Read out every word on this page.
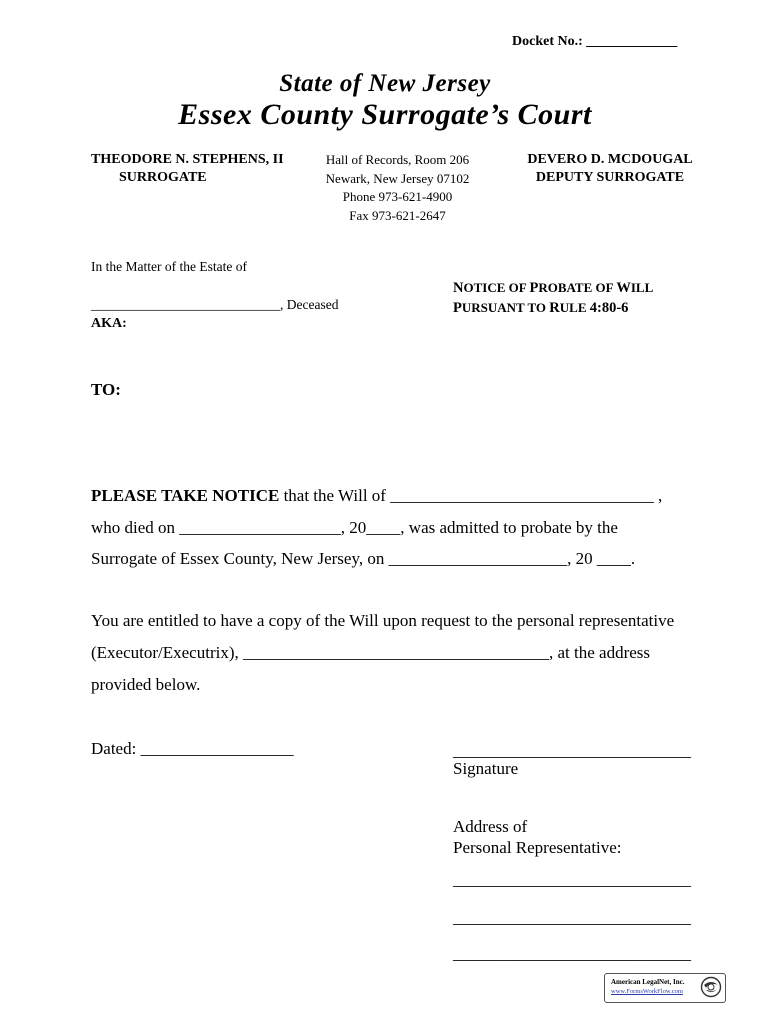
Docket No.: _____________
State of New Jersey
Essex County Surrogate’s Court
THEODORE N. STEPHENS, II
SURROGATE
Hall of Records, Room 206
Newark, New Jersey 07102
Phone 973-621-4900
Fax 973-621-2647
DEVERO D. MCDOUGAL
DEPUTY SURROGATE
In the Matter of the Estate of
____________________________, Deceased
AKA:
NOTICE OF PROBATE OF WILL
PURSUANT TO RULE 4:80-6
TO:
PLEASE TAKE NOTICE that the Will of _______________________________ ,
who died on ___________________, 20____, was admitted to probate by the
Surrogate of Essex County, New Jersey, on _____________________, 20 ____.
You are entitled to have a copy of the Will upon request to the personal representative
(Executor/Executrix), ____________________________________, at the address
provided below.
Dated: __________________	____________________________
Signature
Address of
Personal Representative:
____________________________
____________________________
____________________________
American LegalNet, Inc.
www.FormsWorkFlow.com
